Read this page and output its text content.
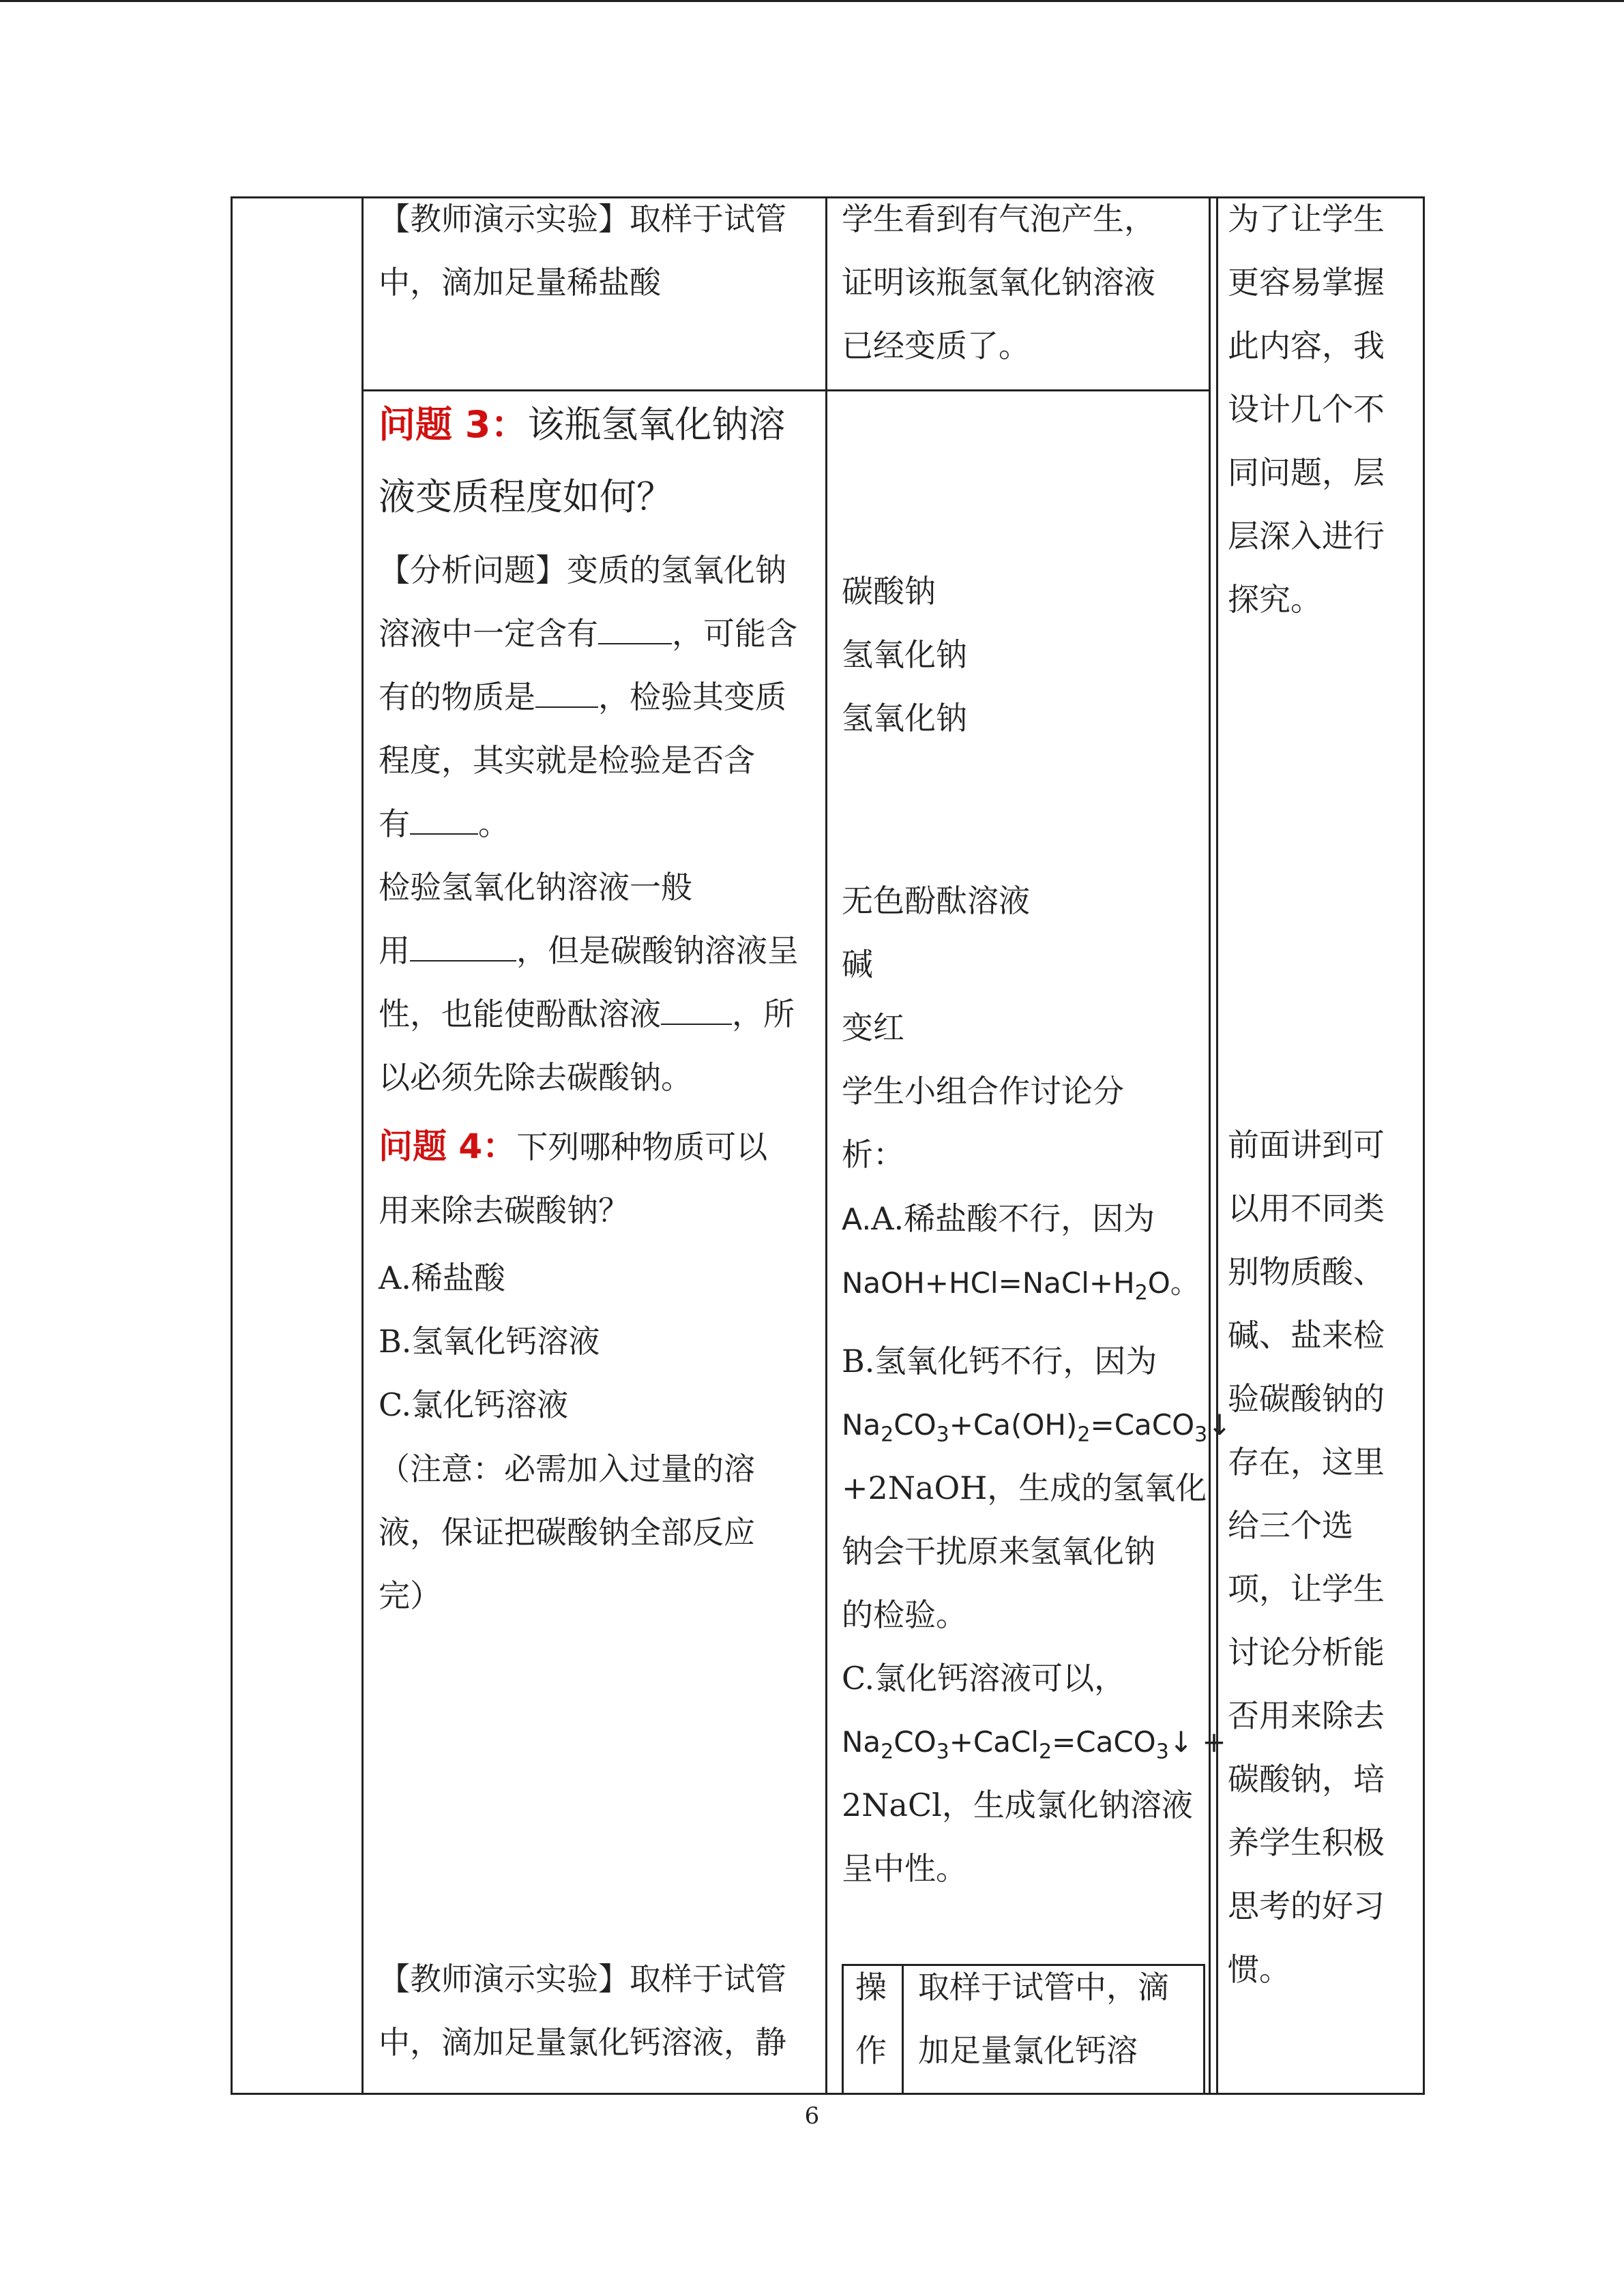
【教师演示实验】取样于试管
中，滴加足量稀盐酸
问题 3：该瓶氢氧化钠溶
液变质程度如何？
【分析问题】变质的氢氧化钠
溶液中一定含有 ，可能含
有的物质是 ，检验其变质
程度，其实就是检验是否含
有 。
检验氢氧化钠溶液一般
用	，但是碳酸钠溶液呈
性，也能使酚酞溶液 ，所
以必须先除去碳酸钠。
问题 4：下列哪种物质可以
用来除去碳酸钠？
A.稀盐酸
B.氢氧化钙溶液
C.氯化钙溶液
（注意：必需加入过量的溶
液，保证把碳酸钠全部反应
完）
【教师演示实验】取样于试管
中，滴加足量氯化钙溶液，静
学生看到有气泡产生，
证明该瓶氢氧化钠溶液
已经变质了。
碳酸钠
氢氧化钠
氢氧化钠
无色酚酞溶液
碱
变红
学生小组合作讨论分
析：
A.A.稀盐酸不行，因为
$NaOH+HCl=NaCl+H_2O$。
B.氢氧化钙不行，因为
$Na_2CO_3+Ca(OH)_2=CaCO_3↓$
+2NaOH，生成的氢氧化
钠会干扰原来氢氧化钠
的检验。
C.氯化钙溶液可以，
$Na_2CO_3+CaCl_2=CaCO_3↓$ +
2NaCl，生成氯化钠溶液
呈中性。
操
作
取样于试管中，滴
加足量氯化钙溶
为了让学生
更容易掌握
此内容，我
设计几个不
同问题，层
层深入进行
探究。
前面讲到可
以用不同类
别物质酸、
碱、盐来检
验碳酸钠的
存在，这里
给三个选
项，让学生
讨论分析能
否用来除去
碳酸钠，培
养学生积极
思考的好习
惯。
6
